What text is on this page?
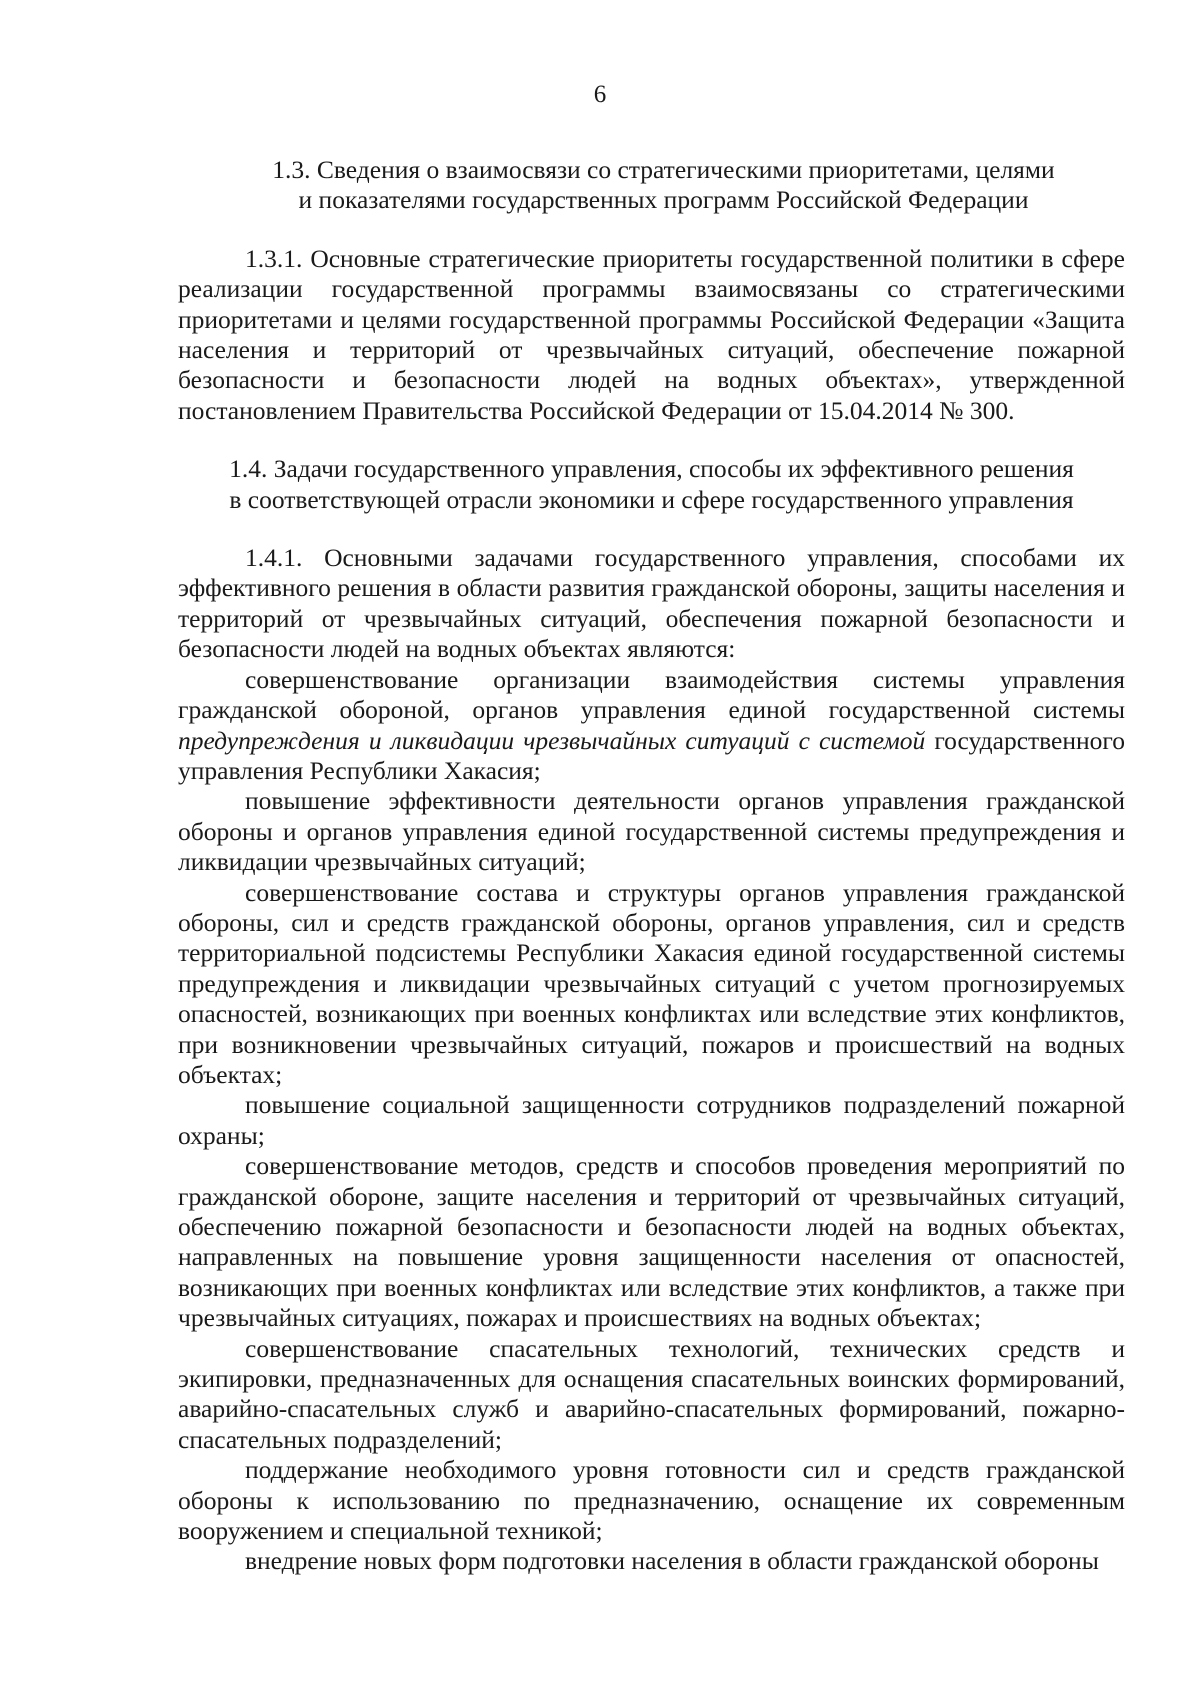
6
1.3. Сведения о взаимосвязи со стратегическими приоритетами, целями
и показателями государственных программ Российской Федерации

1.3.1. Основные стратегические приоритеты государственной политики в сфере реализации государственной программы взаимосвязаны со стратегическими приоритетами и целями государственной программы Российской Федерации «Защита населения и территорий от чрезвычайных ситуаций, обеспечение пожарной безопасности и безопасности людей на водных объектах», утвержденной постановлением Правительства Российской Федерации от 15.04.2014 № 300.

1.4. Задачи государственного управления, способы их эффективного решения
в соответствующей отрасли экономики и сфере государственного управления

1.4.1. Основными задачами государственного управления, способами их эффективного решения в области развития гражданской обороны, защиты населения и территорий от чрезвычайных ситуаций, обеспечения пожарной безопасности и безопасности людей на водных объектах являются:

совершенствование организации взаимодействия системы управления гражданской обороной, органов управления единой государственной системы предупреждения и ликвидации чрезвычайных ситуаций с системой государственного управления Республики Хакасия;

повышение эффективности деятельности органов управления гражданской обороны и органов управления единой государственной системы предупреждения и ликвидации чрезвычайных ситуаций;

совершенствование состава и структуры органов управления гражданской обороны, сил и средств гражданской обороны, органов управления, сил и средств территориальной подсистемы Республики Хакасия единой государственной системы предупреждения и ликвидации чрезвычайных ситуаций с учетом прогнозируемых опасностей, возникающих при военных конфликтах или вследствие этих конфликтов, при возникновении чрезвычайных ситуаций, пожаров и происшествий на водных объектах;

повышение социальной защищенности сотрудников подразделений пожарной охраны;

совершенствование методов, средств и способов проведения мероприятий по гражданской обороне, защите населения и территорий от чрезвычайных ситуаций, обеспечению пожарной безопасности и безопасности людей на водных объектах, направленных на повышение уровня защищенности населения от опасностей, возникающих при военных конфликтах или вследствие этих конфликтов, а также при чрезвычайных ситуациях, пожарах и происшествиях на водных объектах;

совершенствование спасательных технологий, технических средств и экипировки, предназначенных для оснащения спасательных воинских формирований, аварийно-спасательных служб и аварийно-спасательных формирований, пожарно-спасательных подразделений;

поддержание необходимого уровня готовности сил и средств гражданской обороны к использованию по предназначению, оснащение их современным вооружением и специальной техникой;

внедрение новых форм подготовки населения в области гражданской обороны
